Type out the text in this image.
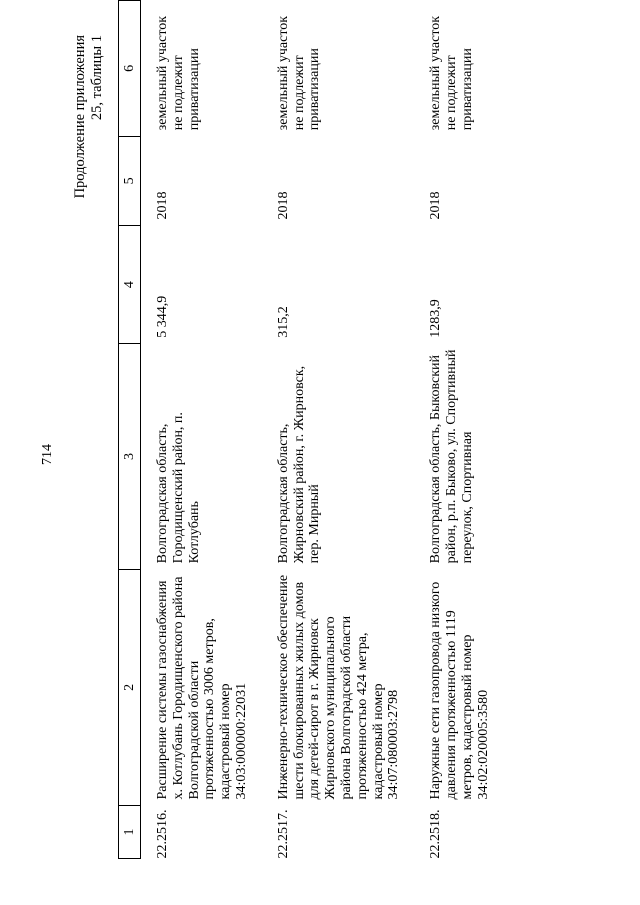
714
Продолжение приложения 25, таблицы 1
1	2	3	4	5	6
22.2516.	Расширение системы газоснабжения х. Котлубань Городищенского района Волгоградской области протяженностью 3006 метров, кадастровый номер 34:03:000000:22031	Волгоградская область, Городищенский район, п. Котлубань	5 344,9	2018	земельный участок не подлежит приватизации
22.2517.	Инженерно-техническое обеспечение шести блокированных жилых домов для детей-сирот в г. Жирновск Жирновского муниципального района Волгоградской области протяженностью 424 метра, кадастровый номер 34:07:080003:2798	Волгоградская область, Жирновский район, г. Жирновск, пер. Мирный	315,2	2018	земельный участок не подлежит приватизации
22.2518.	Наружные сети газопровода низкого давления протяженностью 1119 метров, кадастровый номер 34:02:020005:3580	Волгоградская область, Быковский район, р.п. Быково, ул. Спортивный переулок, Спортивная	1283,9	2018	земельный участок не подлежит приватизации
